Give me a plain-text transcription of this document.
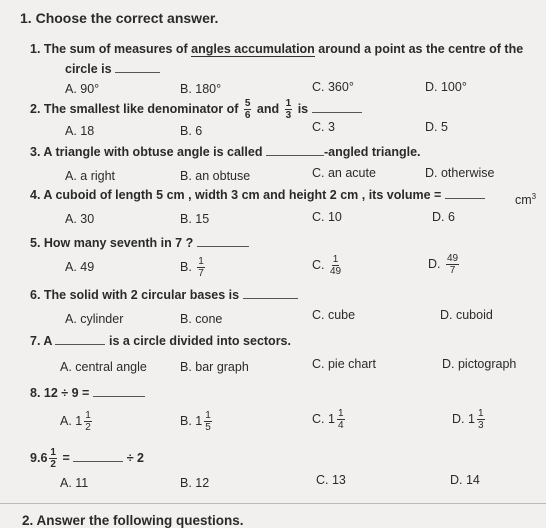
1. Choose the correct answer.
1. The sum of measures of angles accumulation around a point as the centre of the
circle is
A. 90°	B. 180°	C. 360°	D. 100°
2. The smallest like denominator of $\frac{5}{6}$ and $\frac{1}{3}$ is
A. 18	B. 6	C. 3	D. 5
3. A triangle with obtuse angle is called	-angled triangle.
A. a right	B. an obtuse	C. an acute	D. otherwise
4. A cuboid of length 5 cm , width 3 cm and height 2 cm , its volume =	$cm^3$
A. 30	B. 15	C. 10	D. 6
5. How many seventh in 7 ?
A. 49	B. $\frac{1}{7}$	C. $\frac{1}{49}$	D. $\frac{49}{7}$
6. The solid with 2 circular bases is
A. cylinder	B. cone	C. cube	D. cuboid
7. A	is a circle divided into sectors.
A. central angle	B. bar graph	C. pie chart	D. pictograph
8. 12 ÷ 9 =
A. $1 \frac{1}{2}$	B. $1 \frac{1}{5}$	C. $1 \frac{1}{4}$	D. $1 \frac{1}{3}$
$9.6 \frac{1}{2}$ =	÷ 2
A. 11	B. 12	C. 13	D. 14
2. Answer the following questions.
